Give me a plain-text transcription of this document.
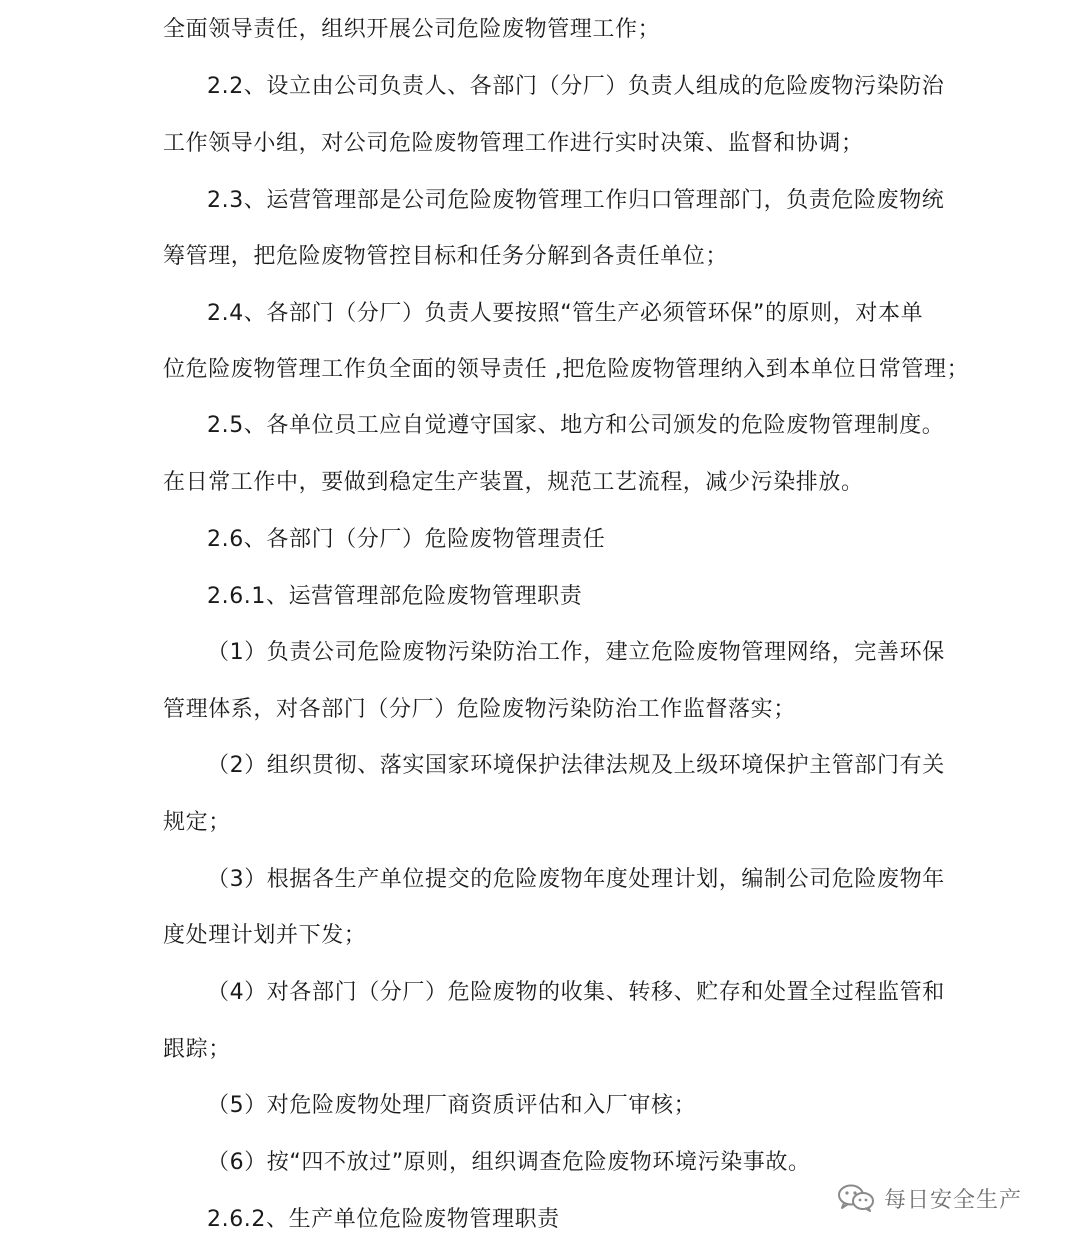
全面领导责任，组织开展公司危险废物管理工作；
2.2、设立由公司负责人、各部门（分厂）负责人组成的危险废物污染防治
工作领导小组，对公司危险废物管理工作进行实时决策、监督和协调；
2.3、运营管理部是公司危险废物管理工作归口管理部门，负责危险废物统
筹管理，把危险废物管控目标和任务分解到各责任单位；
2.4、各部门（分厂）负责人要按照“管生产必须管环保”的原则，对本单
位危险废物管理工作负全面的领导责任 ,把危险废物管理纳入到本单位日常管理；
2.5、各单位员工应自觉遵守国家、地方和公司颁发的危险废物管理制度。
在日常工作中，要做到稳定生产装置，规范工艺流程，减少污染排放。
2.6、各部门（分厂）危险废物管理责任
2.6.1、运营管理部危险废物管理职责
（1）负责公司危险废物污染防治工作，建立危险废物管理网络，完善环保
管理体系，对各部门（分厂）危险废物污染防治工作监督落实；
（2）组织贯彻、落实国家环境保护法律法规及上级环境保护主管部门有关
规定；
（3）根据各生产单位提交的危险废物年度处理计划，编制公司危险废物年
度处理计划并下发；
（4）对各部门（分厂）危险废物的收集、转移、贮存和处置全过程监管和
跟踪；
（5）对危险废物处理厂商资质评估和入厂审核；
（6）按“四不放过”原则，组织调查危险废物环境污染事故。
2.6.2、生产单位危险废物管理职责
每日安全生产
